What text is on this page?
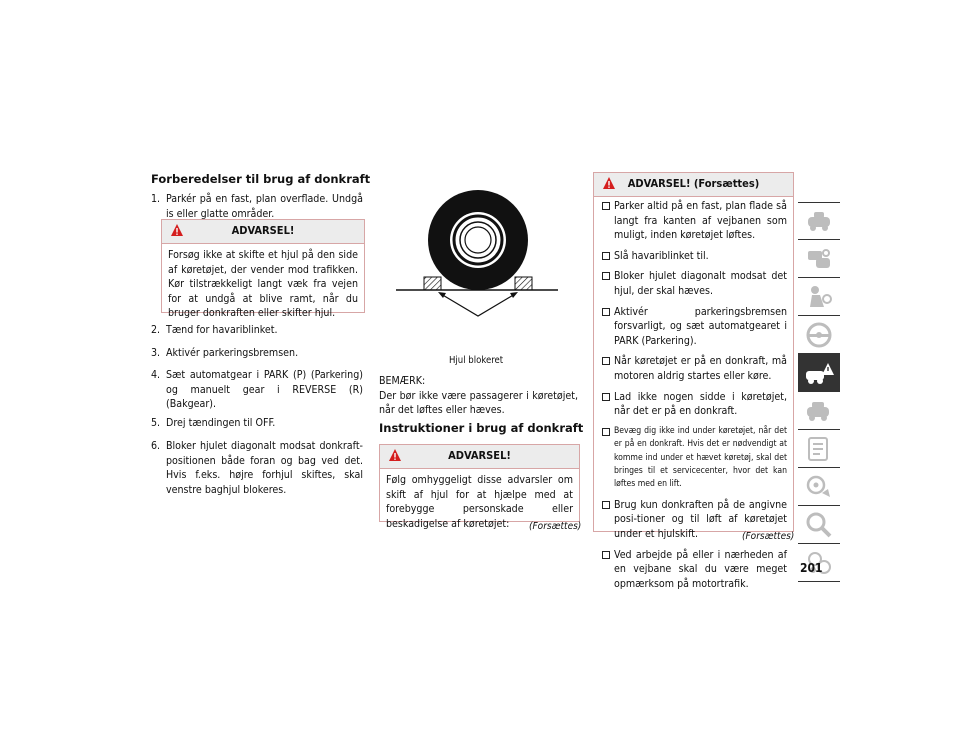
Forberedelser til brug af donkraft
1. Parkér på en fast, plan overflade. Undgå is eller glatte områder.
ADVARSEL!
Forsøg ikke at skifte et hjul på den side af køretøjet, der vender mod trafikken. Kør tilstrækkeligt langt væk fra vejen for at undgå at blive ramt, når du bruger donkraften eller skifter hjul.
2. Tænd for havariblinket.
3. Aktivér parkeringsbremsen.
4. Sæt automatgear i PARK (P) (Parkering) og manuelt gear i REVERSE (R) (Bakgear).
5. Drej tændingen til OFF.
6. Bloker hjulet diagonalt modsat donkraft-positionen både foran og bag ved det. Hvis f.eks. højre forhjul skiftes, skal venstre baghjul blokeres.
Hjul blokeret
BEMÆRK:
Der bør ikke være passagerer i køretøjet, når det løftes eller hæves.
Instruktioner i brug af donkraft
ADVARSEL!
Følg omhyggeligt disse advarsler om skift af hjul for at hjælpe med at forebygge personskade eller beskadigelse af køretøjet:	(Forsættes)
ADVARSEL! (Forsættes)
Parker altid på en fast, plan flade så langt fra kanten af vejbanen som muligt, inden køretøjet løftes.
Slå havariblinket til.
Bloker hjulet diagonalt modsat det hjul, der skal hæves.
Aktivér parkeringsbremsen forsvarligt, og sæt automatgearet i PARK (Parkering).
Når køretøjet er på en donkraft, må motoren aldrig startes eller køre.
Lad ikke nogen sidde i køretøjet, når det er på en donkraft.
Bevæg dig ikke ind under køretøjet, når det er på en donkraft. Hvis det er nødvendigt at komme ind under et hævet køretøj, skal det bringes til et servicecenter, hvor det kan løftes med en lift.
Brug kun donkraften på de angivne posi-tioner og til løft af køretøjet under et hjulskift.
Ved arbejde på eller i nærheden af en vejbane skal du være meget opmærksom på motortrafik.
(Forsættes)
201
